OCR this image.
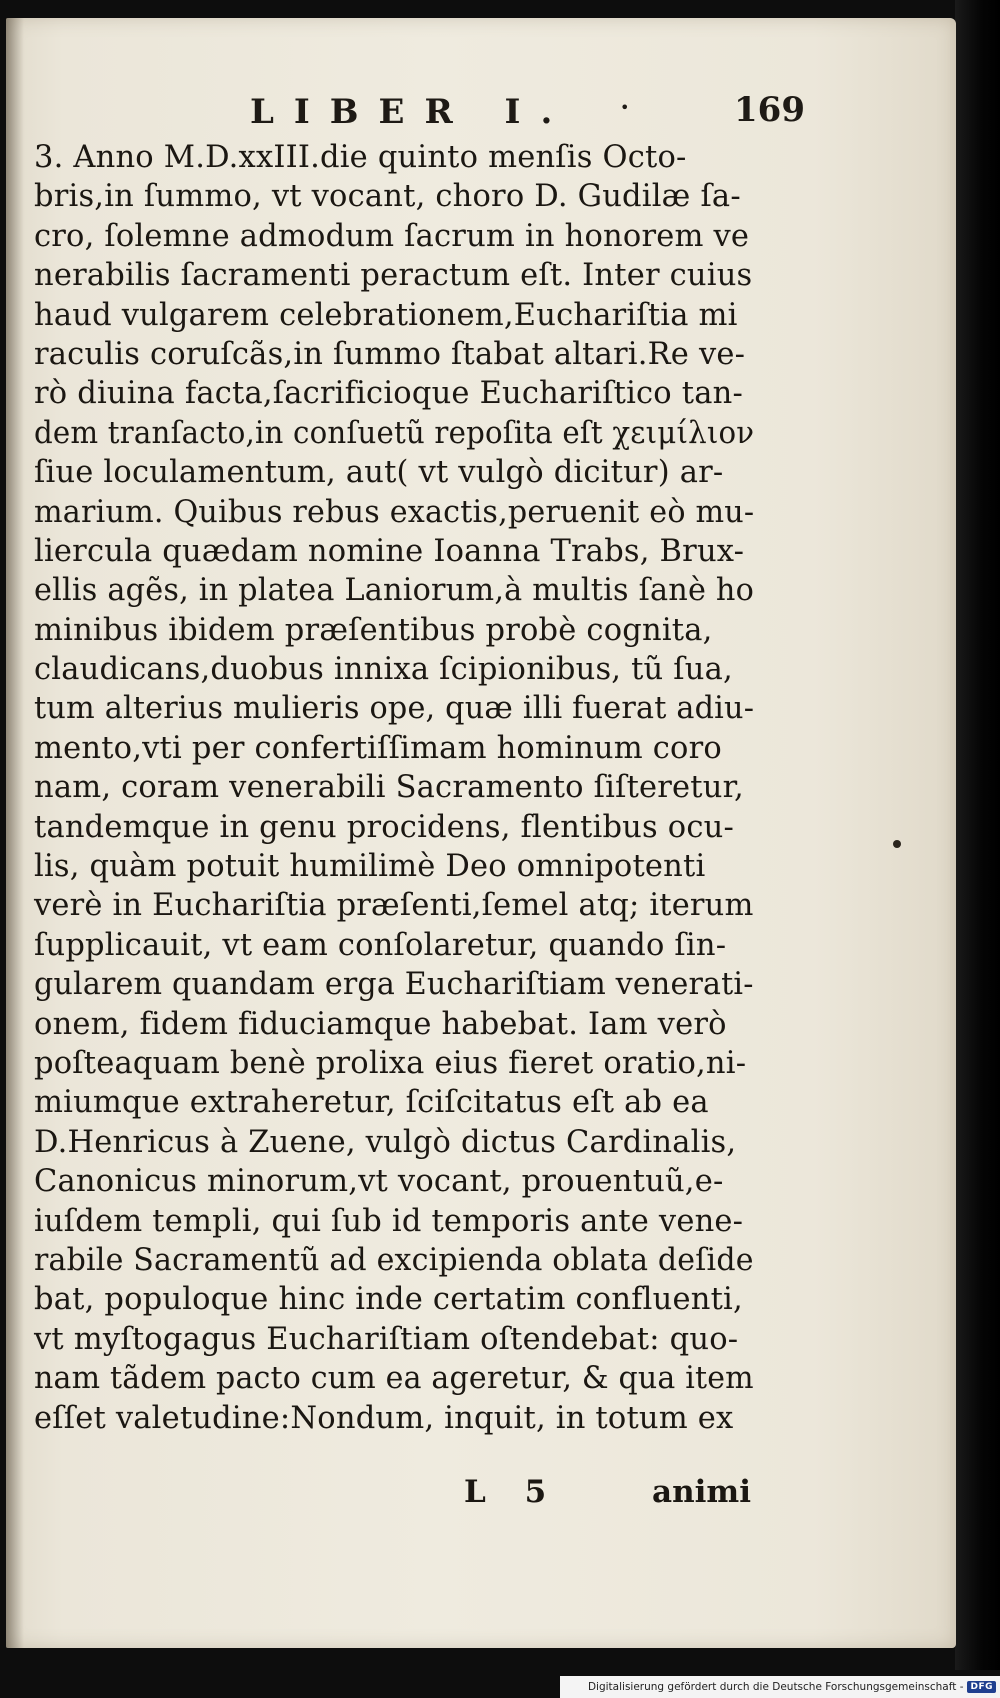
LIBER I.	•	169
3. Anno M.D.xxIII.die quinto menſis Octo-
bris,in ſummo, vt vocant, choro D. Gudilæ ſa-
cro, ſolemne admodum ſacrum in honorem ve
nerabilis ſacramenti peractum eſt. Inter cuius
haud vulgarem celebrationem,Euchariſtia mi
raculis coruſcãs,in ſummo ſtabat altari.Re ve-
rò diuina facta,ſacrificioque Euchariſtico tan-
dem tranſacto,in conſuetũ repoſita eſt χειμίλιον
ſiue loculamentum, aut( vt vulgò dicitur) ar-
marium. Quibus rebus exactis,peruenit eò mu-
liercula quædam nomine Ioanna Trabs, Brux-
ellis agẽs, in platea Laniorum,à multis ſanè ho
minibus ibidem præſentibus probè cognita,
claudicans,duobus innixa ſcipionibus, tũ ſua,
tum alterius mulieris ope, quæ illi fuerat adiu-
mento,vti per confertiſſimam hominum coro
nam, coram venerabili Sacramento ſiſteretur,
tandemque in genu procidens, flentibus ocu-
lis, quàm potuit humilimè Deo omnipotenti
verè in Euchariſtia præſenti,ſemel atq; iterum
ſupplicauit, vt eam conſolaretur, quando ſin-
gularem quandam erga Euchariſtiam venerati-
onem, fidem fiduciamque habebat. Iam verò
poſteaquam benè prolixa eius fieret oratio,ni-
miumque extraheretur, ſciſcitatus eſt ab ea
D.Henricus à Zuene, vulgò dictus Cardinalis,
Canonicus minorum,vt vocant, prouentuũ,e-
iuſdem templi, qui ſub id temporis ante vene-
rabile Sacramentũ ad excipienda oblata deſide
bat, populoque hinc inde certatim confluenti,
vt myſtogagus Euchariſtiam oſtendebat: quo-
nam tãdem pacto cum ea ageretur, & qua item
eſſet valetudine:Nondum, inquit, in totum ex
L 5	animi
Digitalisierung gefördert durch die Deutsche Forschungsgemeinschaft - DFG
